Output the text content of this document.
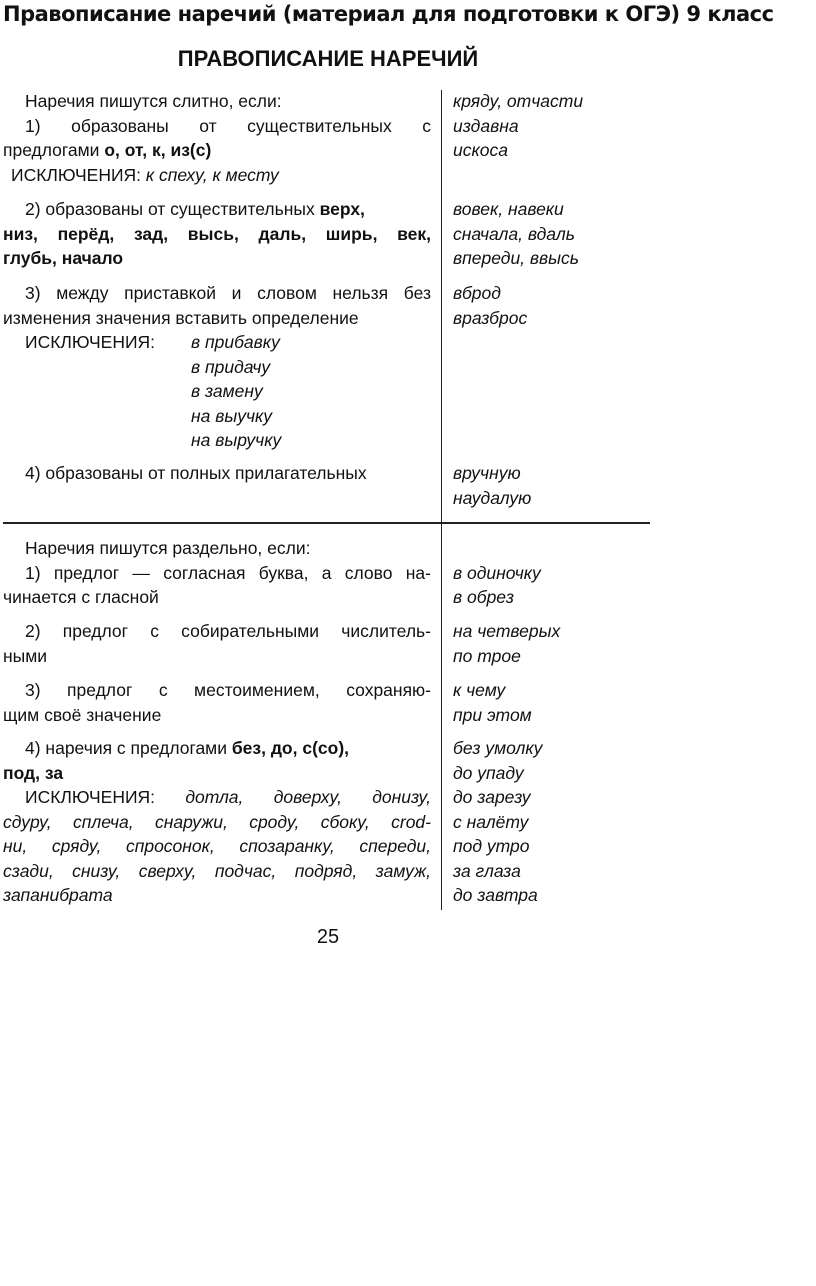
Правописание наречий (материал для подготовки к ОГЭ) 9 класс
ПРАВОПИСАНИЕ НАРЕЧИЙ
Наречия пишутся слитно, если:
1) образованы от существительных с
предлогами о, от, к, из(с)
ИСКЛЮЧЕНИЯ: к спеху, к месту
кряду, отчасти
издавна
искоса
2) образованы от существительных верх,
низ, перёд, зад, высь, даль, ширь, век,
глубь, начало
вовек, навеки
сначала, вдаль
впереди, ввысь
3) между приставкой и словом нельзя без
изменения значения вставить определение
ИСКЛЮЧЕНИЯ: в прибавку
в придачу
в замену
на выучку
на выручку
вброд
вразброс
4) образованы от полных прилагательных	вручную
наудалую
Наречия пишутся раздельно, если:
1) предлог — согласная буква, а слово на-
чинается с гласной
в одиночку
в обрез
2) предлог с собирательными числитель-
ными
на четверых
по трое
3) предлог с местоимением, сохраняю-
щим своё значение
к чему
при этом
4) наречия с предлогами без, до, с(со),
под, за
ИСКЛЮЧЕНИЯ: дотла, доверху, донизу,
сдуру, сплеча, снаружи, сроду, сбоку, сrod-
ни, сряду, спросонок, спозаранку, спереди,
сзади, снизу, сверху, подчас, подряд, замуж,
запанибрата
без умолку
до упаду
до зарезу
с налёту
под утро
за глаза
до завтра
25
